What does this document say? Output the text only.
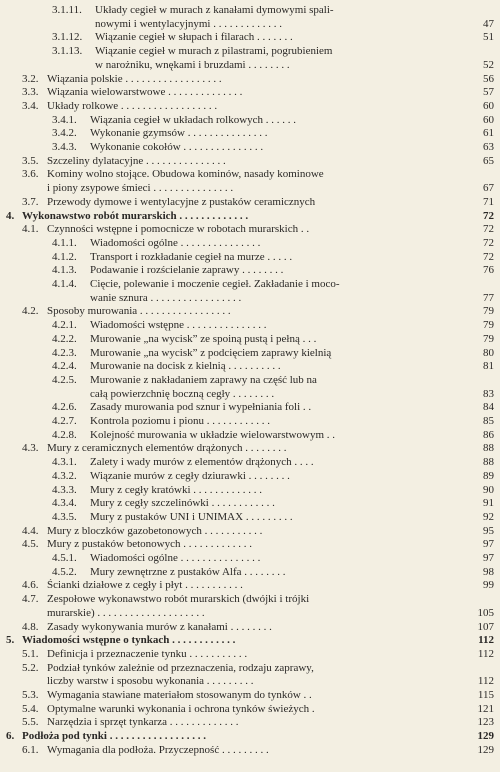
3.1.11. Układy cegieł w murach z kanałami dymowymi spali-
nowymi i wentylacyjnymi . . . . . . . . . . . . .	47
3.1.12. Wiązanie cegieł w słupach i filarach . . . . . . .	51
3.1.13. Wiązanie cegieł w murach z pilastrami, pogrubieniem
w narożniku, wnękami i bruzdami . . . . . . . .	52
3.2. Wiązania polskie . . . . . . . . . . . . . . . . . .	56
3.3. Wiązania wielowarstwowe . . . . . . . . . . . . . .	57
3.4. Układy rolkowe . . . . . . . . . . . . . . . . . .	60
3.4.1. Wiązania cegieł w układach rolkowych . . . . . .	60
3.4.2. Wykonanie gzymsów . . . . . . . . . . . . . . .	61
3.4.3. Wykonanie cokołów . . . . . . . . . . . . . . .	63
3.5. Szczeliny dylatacyjne . . . . . . . . . . . . . . .	65
3.6. Kominy wolno stojące. Obudowa kominów, nasady kominowe
i piony zsypowe śmieci . . . . . . . . . . . . . . .	67
3.7. Przewody dymowe i wentylacyjne z pustaków ceramicznych	71
4. Wykonawstwo robót murarskich . . . . . . . . . . . . .	72
4.1. Czynności wstępne i pomocnicze w robotach murarskich . .	72
4.1.1. Wiadomości ogólne . . . . . . . . . . . . . . .	72
4.1.2. Transport i rozkładanie cegieł na murze . . . . .	72
4.1.3. Podawanie i rozścielanie zaprawy . . . . . . . .	76
4.1.4. Cięcie, polewanie i moczenie cegieł. Zakładanie i moco-
wanie sznura . . . . . . . . . . . . . . . . .	77
4.2. Sposoby murowania . . . . . . . . . . . . . . . . .	79
4.2.1. Wiadomości wstępne . . . . . . . . . . . . . . .	79
4.2.2. Murowanie „na wycisk” ze spoiną pustą i pełną . . .	79
4.2.3. Murowanie „na wycisk” z podcięciem zaprawy kielnią	80
4.2.4. Murowanie na docisk z kielnią . . . . . . . . . .	81
4.2.5. Murowanie z nakładaniem zaprawy na część lub na
całą powierzchnię boczną cegły . . . . . . . .	83
4.2.6. Zasady murowania pod sznur i wypełniania foli . .	84
4.2.7. Kontrola poziomu i pionu . . . . . . . . . . . .	85
4.2.8. Kolejność murowania w układzie wielowarstwowym . .	86
4.3. Mury z ceramicznych elementów drążonych . . . . . . . .	88
4.3.1. Zalety i wady murów z elementów drążonych . . . .	88
4.3.2. Wiązanie murów z cegły dziurawki . . . . . . . .	89
4.3.3. Mury z cegły kratówki . . . . . . . . . . . . .	90
4.3.4. Mury z cegły szczelinówki . . . . . . . . . . . .	91
4.3.5. Mury z pustaków UNI i UNIMAX . . . . . . . . .	92
4.4. Mury z bloczków gazobetonowych . . . . . . . . . . .	95
4.5. Mury z pustaków betonowych . . . . . . . . . . . . .	97
4.5.1. Wiadomości ogólne . . . . . . . . . . . . . . .	97
4.5.2. Mury zewnętrzne z pustaków Alfa . . . . . . . .	98
4.6. Ścianki działowe z cegły i płyt . . . . . . . . . . .	99
4.7. Zespołowe wykonawstwo robót murarskich (dwójki i trójki
murarskie) . . . . . . . . . . . . . . . . . . . .	105
4.8. Zasady wykonywania murów z kanałami . . . . . . . .	107
5. Wiadomości wstępne o tynkach . . . . . . . . . . . .	112
5.1. Definicja i przeznaczenie tynku . . . . . . . . . . .	112
5.2. Podział tynków zależnie od przeznaczenia, rodzaju zaprawy,
liczby warstw i sposobu wykonania . . . . . . . . .	112
5.3. Wymagania stawiane materiałom stosowanym do tynków . .	115
5.4. Optymalne warunki wykonania i ochrona tynków świeżych .	121
5.5. Narzędzia i sprzęt tynkarza . . . . . . . . . . . . .	123
6. Podłoża pod tynki . . . . . . . . . . . . . . . . . .	129
6.1. Wymagania dla podłoża. Przyczepność . . . . . . . . .	129
